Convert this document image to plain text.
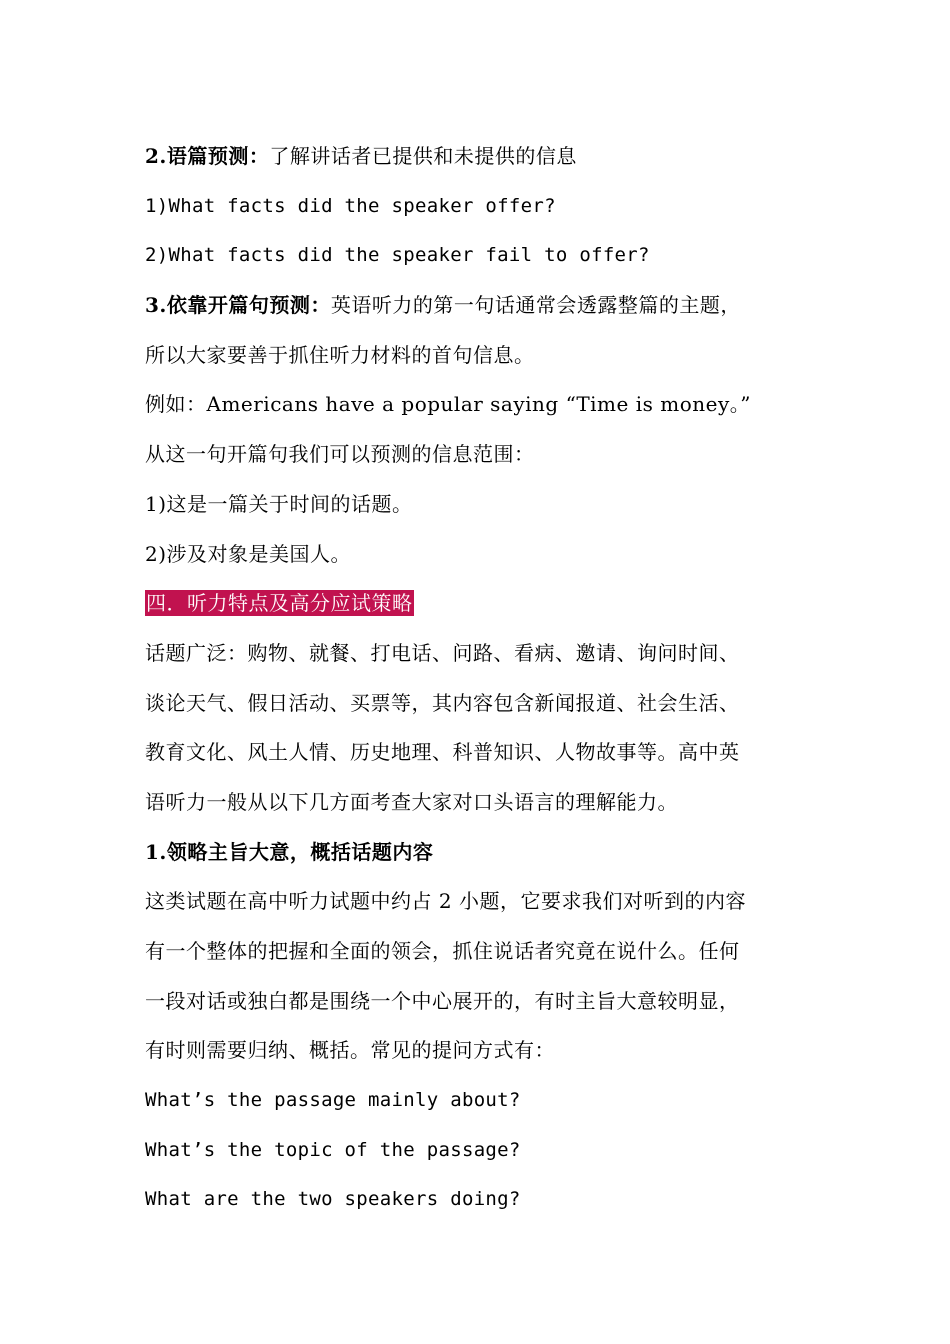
2.语篇预测：了解讲话者已提供和未提供的信息
1)What facts did the speaker offer?
2)What facts did the speaker fail to offer?
3.依靠开篇句预测：英语听力的第一句话通常会透露整篇的主题，
所以大家要善于抓住听力材料的首句信息。
例如：Americans have a popular saying “Time is money。”
从这一句开篇句我们可以预测的信息范围：
1)这是一篇关于时间的话题。
2)涉及对象是美国人。
四．听力特点及高分应试策略
话题广泛：购物、就餐、打电话、问路、看病、邀请、询问时间、
谈论天气、假日活动、买票等，其内容包含新闻报道、社会生活、
教育文化、风土人情、历史地理、科普知识、人物故事等。高中英
语听力一般从以下几方面考查大家对口头语言的理解能力。
1.领略主旨大意，概括话题内容
这类试题在高中听力试题中约占 2 小题，它要求我们对听到的内容
有一个整体的把握和全面的领会，抓住说话者究竟在说什么。任何
一段对话或独白都是围绕一个中心展开的，有时主旨大意较明显，
有时则需要归纳、概括。常见的提问方式有：
What’s the passage mainly about?
What’s the topic of the passage?
What are the two speakers doing?
